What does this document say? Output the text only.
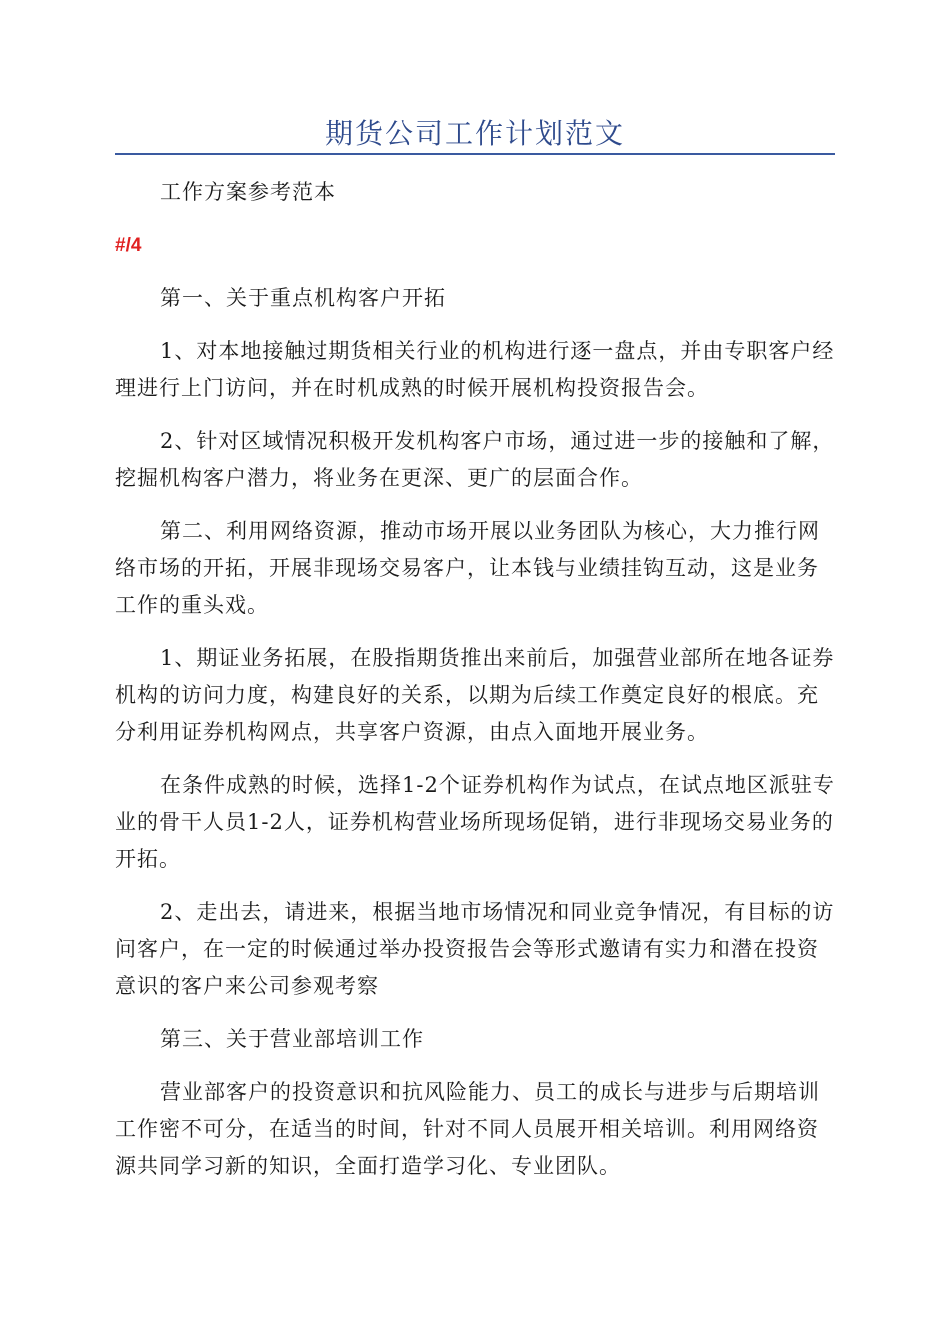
期货公司工作计划范文

工作方案参考范本

#/4

第一、关于重点机构客户开拓

1、对本地接触过期货相关行业的机构进行逐一盘点，并由专职客户经理进行上门访问，并在时机成熟的时候开展机构投资报告会。

2、针对区域情况积极开发机构客户市场，通过进一步的接触和了解，挖掘机构客户潜力，将业务在更深、更广的层面合作。

第二、利用网络资源，推动市场开展以业务团队为核心，大力推行网络市场的开拓，开展非现场交易客户，让本钱与业绩挂钩互动，这是业务工作的重头戏。

1、期证业务拓展，在股指期货推出来前后，加强营业部所在地各证券机构的访问力度，构建良好的关系，以期为后续工作奠定良好的根底。充分利用证券机构网点，共享客户资源，由点入面地开展业务。

在条件成熟的时候，选择1-2个证券机构作为试点，在试点地区派驻专业的骨干人员1-2人，证券机构营业场所现场促销，进行非现场交易业务的开拓。

2、走出去，请进来，根据当地市场情况和同业竞争情况，有目标的访问客户，在一定的时候通过举办投资报告会等形式邀请有实力和潜在投资意识的客户来公司参观考察

第三、关于营业部培训工作

营业部客户的投资意识和抗风险能力、员工的成长与进步与后期培训工作密不可分，在适当的时间，针对不同人员展开相关培训。利用网络资源共同学习新的知识，全面打造学习化、专业团队。
